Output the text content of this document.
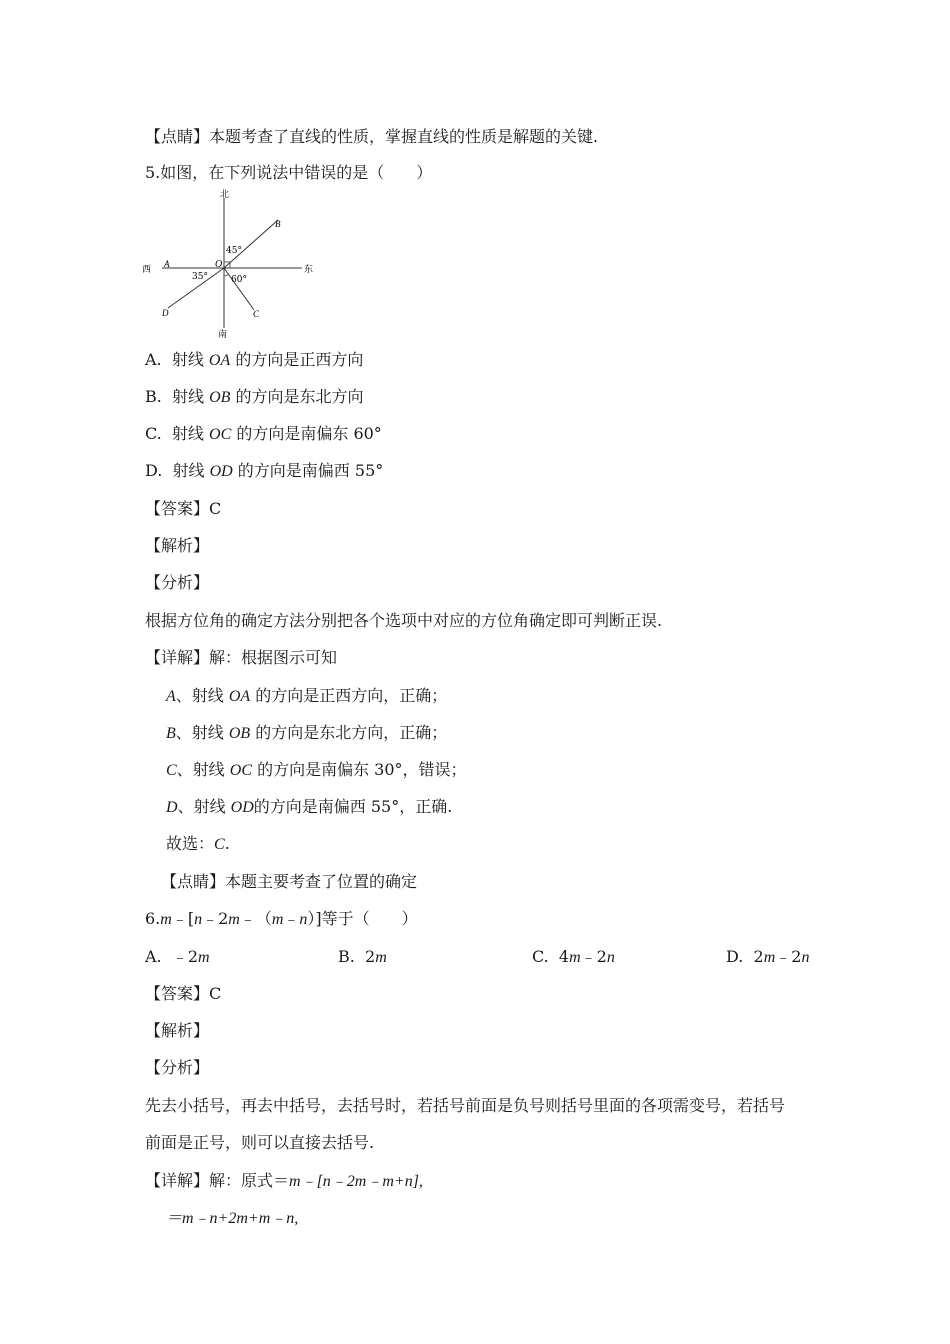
【点睛】本题考查了直线的性质，掌握直线的性质是解题的关键.
5.如图，在下列说法中错误的是（　　）
北
南
西	东
O
A
B
C
D
45°
60°
35°
A.  射线 OA 的方向是正西方向
B.  射线 OB 的方向是东北方向
C.  射线 OC 的方向是南偏东 60°
D.  射线 OD 的方向是南偏西 55°
【答案】C
【解析】
【分析】
根据方位角的确定方法分别把各个选项中对应的方位角确定即可判断正误.
【详解】解：根据图示可知
A、射线 OA 的方向是正西方向，正确；
B、射线 OB 的方向是东北方向，正确；
C、射线 OC 的方向是南偏东 30°，错误；
D、射线 OD的方向是南偏西 55°，正确.
故选：C.
【点睛】本题主要考查了位置的确定
6.m﹣[n﹣2m﹣（m﹣n）]等于（　　）
A.  ﹣2m	B.  2m	C.  4m﹣2n	D.  2m﹣2n
【答案】C
【解析】
【分析】
先去小括号，再去中括号，去括号时，若括号前面是负号则括号里面的各项需变号，若括号
前面是正号，则可以直接去括号.
【详解】解：原式＝m﹣[n﹣2m﹣m+n],
＝m﹣n+2m+m﹣n,
